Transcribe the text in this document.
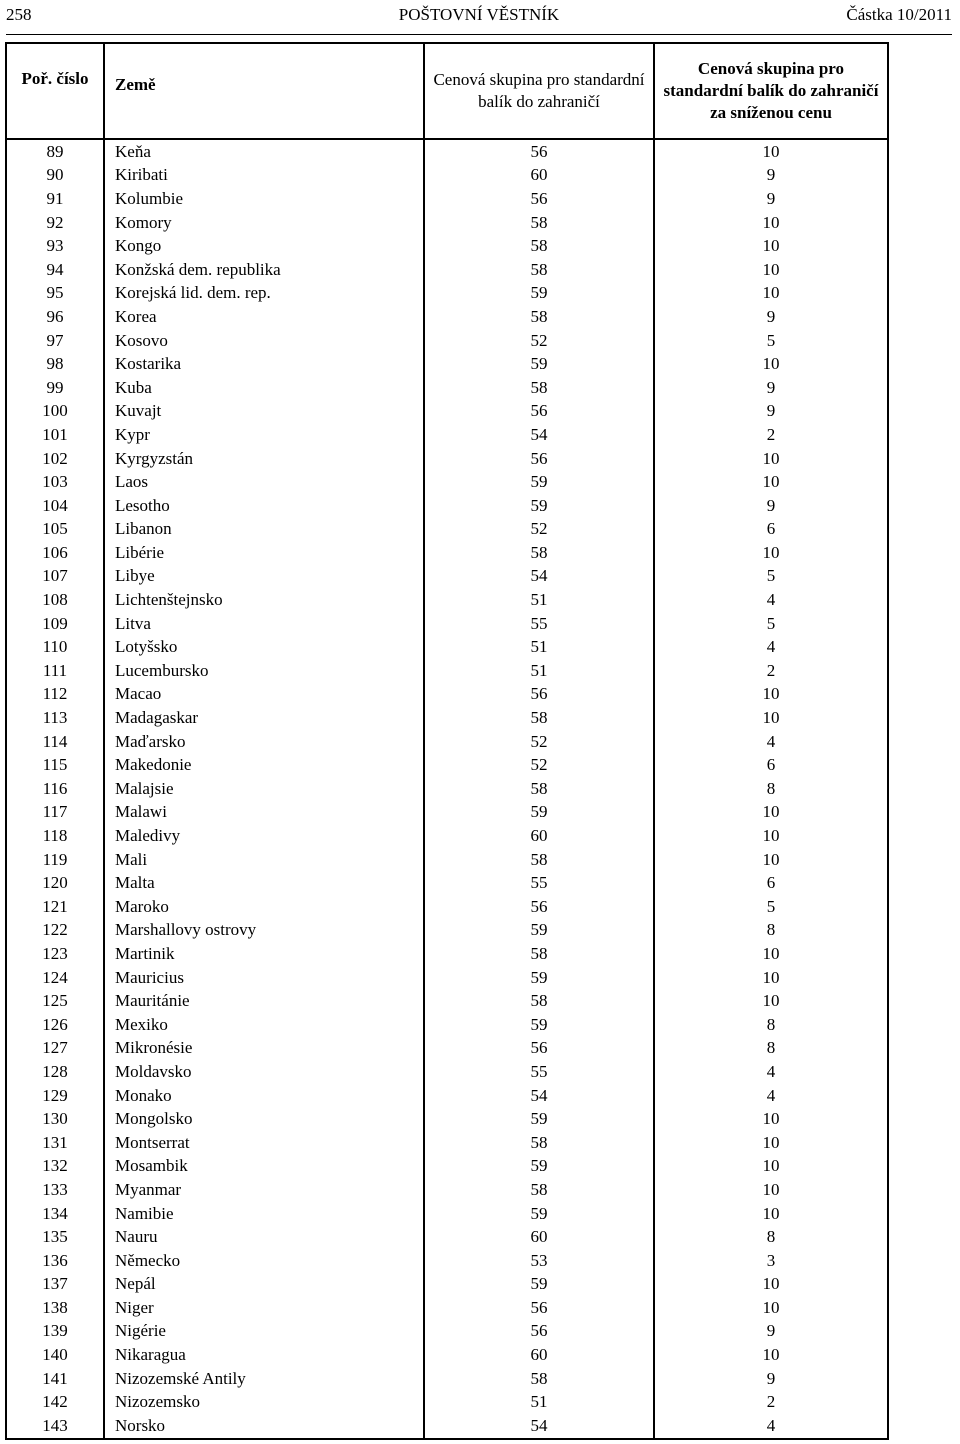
258	POŠTOVNÍ VĚSTNÍK	Částka 10/2011
Poř. číslo	Země	Cenová skupina pro standardní balík do zahraničí	Cenová skupina pro standardní balík do zahraničí za sníženou cenu
89	Keňa	56	10
90	Kiribati	60	9
91	Kolumbie	56	9
92	Komory	58	10
93	Kongo	58	10
94	Konžská dem. republika	58	10
95	Korejská lid. dem. rep.	59	10
96	Korea	58	9
97	Kosovo	52	5
98	Kostarika	59	10
99	Kuba	58	9
100	Kuvajt	56	9
101	Kypr	54	2
102	Kyrgyzstán	56	10
103	Laos	59	10
104	Lesotho	59	9
105	Libanon	52	6
106	Libérie	58	10
107	Libye	54	5
108	Lichtenštejnsko	51	4
109	Litva	55	5
110	Lotyšsko	51	4
111	Lucembursko	51	2
112	Macao	56	10
113	Madagaskar	58	10
114	Maďarsko	52	4
115	Makedonie	52	6
116	Malajsie	58	8
117	Malawi	59	10
118	Maledivy	60	10
119	Mali	58	10
120	Malta	55	6
121	Maroko	56	5
122	Marshallovy ostrovy	59	8
123	Martinik	58	10
124	Mauricius	59	10
125	Mauritánie	58	10
126	Mexiko	59	8
127	Mikronésie	56	8
128	Moldavsko	55	4
129	Monako	54	4
130	Mongolsko	59	10
131	Montserrat	58	10
132	Mosambik	59	10
133	Myanmar	58	10
134	Namibie	59	10
135	Nauru	60	8
136	Německo	53	3
137	Nepál	59	10
138	Niger	56	10
139	Nigérie	56	9
140	Nikaragua	60	10
141	Nizozemské Antily	58	9
142	Nizozemsko	51	2
143	Norsko	54	4
